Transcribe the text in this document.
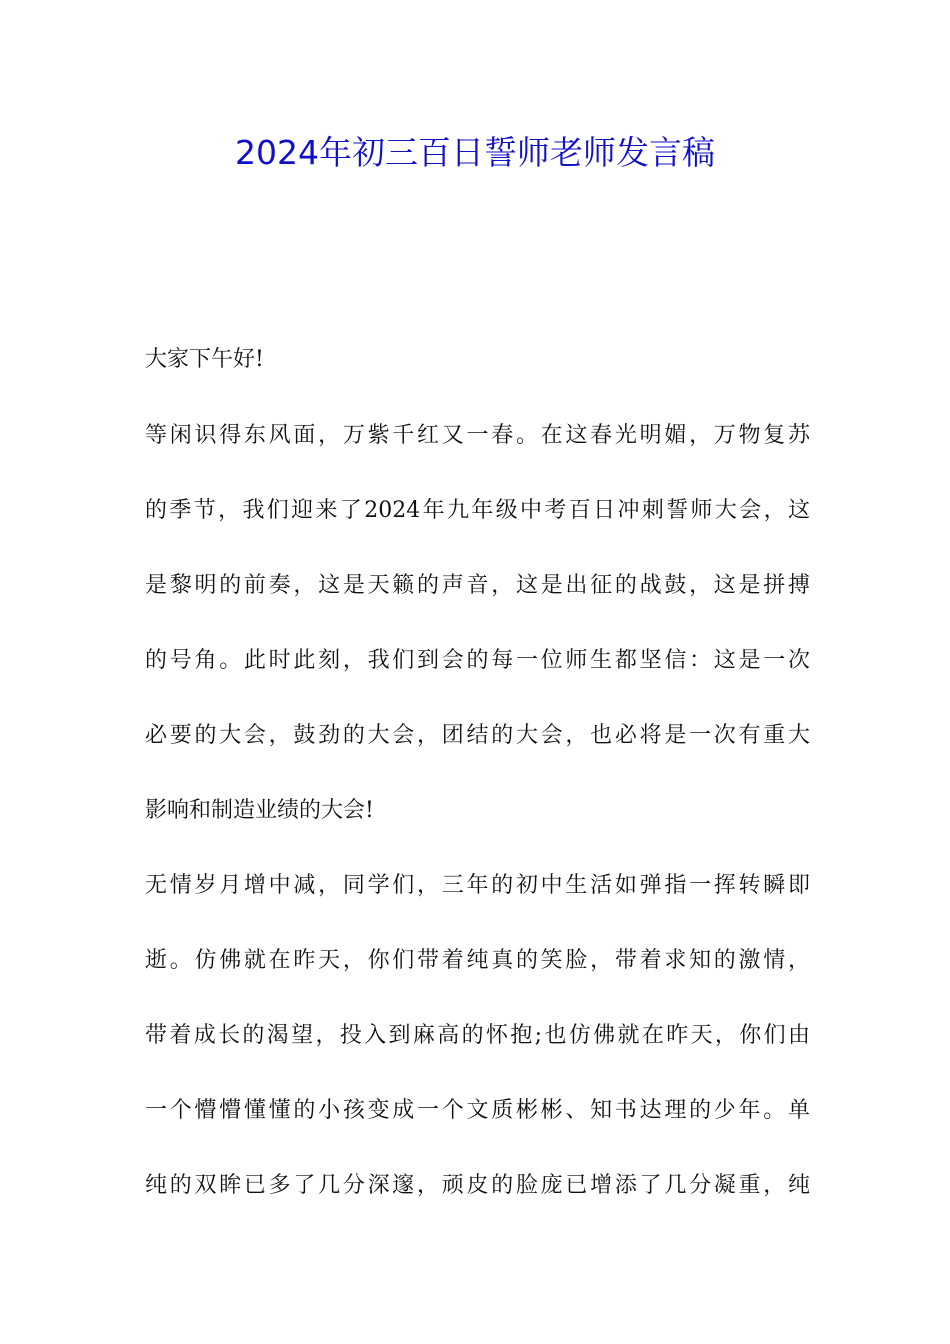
2024年初三百日誓师老师发言稿
大家下午好!
等闲识得东风面，万紫千红又一春。在这春光明媚，万物复苏
的季节，我们迎来了2024年九年级中考百日冲刺誓师大会，这
是黎明的前奏，这是天籁的声音，这是出征的战鼓，这是拼搏
的号角。此时此刻，我们到会的每一位师生都坚信：这是一次
必要的大会，鼓劲的大会，团结的大会，也必将是一次有重大
影响和制造业绩的大会!
无情岁月增中减，同学们，三年的初中生活如弹指一挥转瞬即
逝。仿佛就在昨天，你们带着纯真的笑脸，带着求知的激情，
带着成长的渴望，投入到麻高的怀抱;也仿佛就在昨天，你们由
一个懵懵懂懂的小孩变成一个文质彬彬、知书达理的少年。单
纯的双眸已多了几分深邃，顽皮的脸庞已增添了几分凝重，纯
